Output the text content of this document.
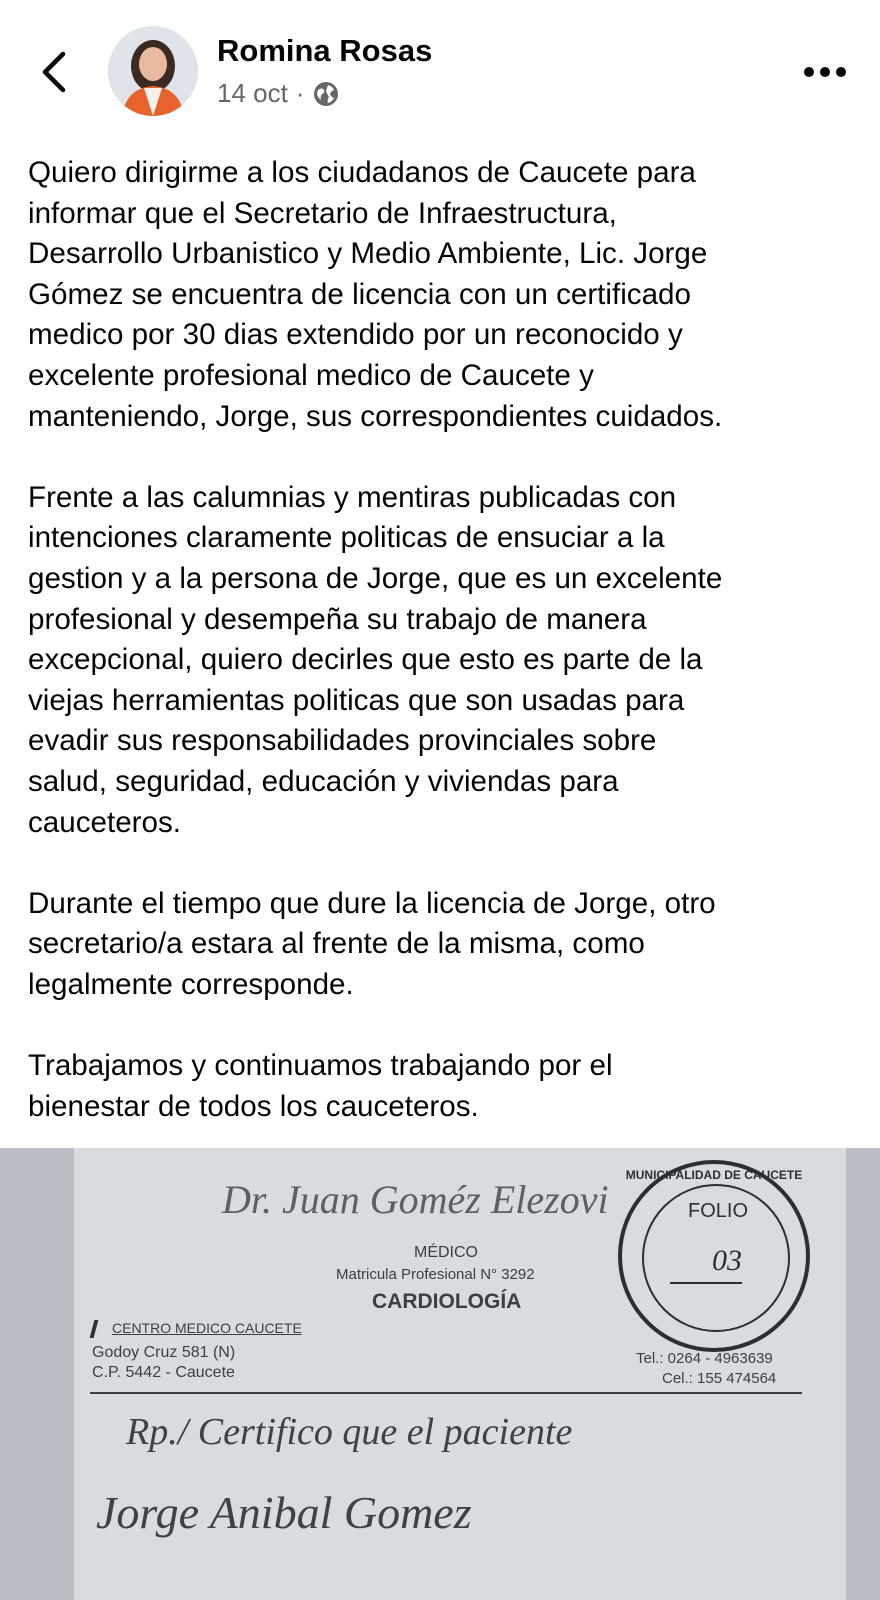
Romina Rosas
14 oct ·

Quiero dirigirme a los ciudadanos de Caucete para
informar que el Secretario de Infraestructura,
Desarrollo Urbanistico y Medio Ambiente, Lic. Jorge
Gómez se encuentra de licencia con un certificado
medico por 30 dias extendido por un reconocido y
excelente profesional medico de Caucete y
manteniendo, Jorge, sus correspondientes cuidados.

Frente a las calumnias y mentiras publicadas con
intenciones claramente politicas de ensuciar a la
gestion y a la persona de Jorge, que es un excelente
profesional y desempeña su trabajo de manera
excepcional, quiero decirles que esto es parte de la
viejas herramientas politicas que son usadas para
evadir sus responsabilidades provinciales sobre
salud, seguridad, educación y viviendas para
cauceteros.

Durante el tiempo que dure la licencia de Jorge, otro
secretario/a estara al frente de la misma, como
legalmente corresponde.

Trabajamos y continuamos trabajando por el
bienestar de todos los cauceteros.

Dr. Juan Goméz Elezovi
MÉDICO
Matricula Profesional N° 3292
CARDIOLOGÍA
CENTRO MEDICO CAUCETE
Godoy Cruz 581 (N)
C.P. 5442 - Caucete
Tel.: 0264 - 4963639
Cel.: 155 474564
MUNICIPALIDAD DE CAUCETE
FOLIO
03
Rp./ Certifico que el paciente
Jorge Anibal Gomez
